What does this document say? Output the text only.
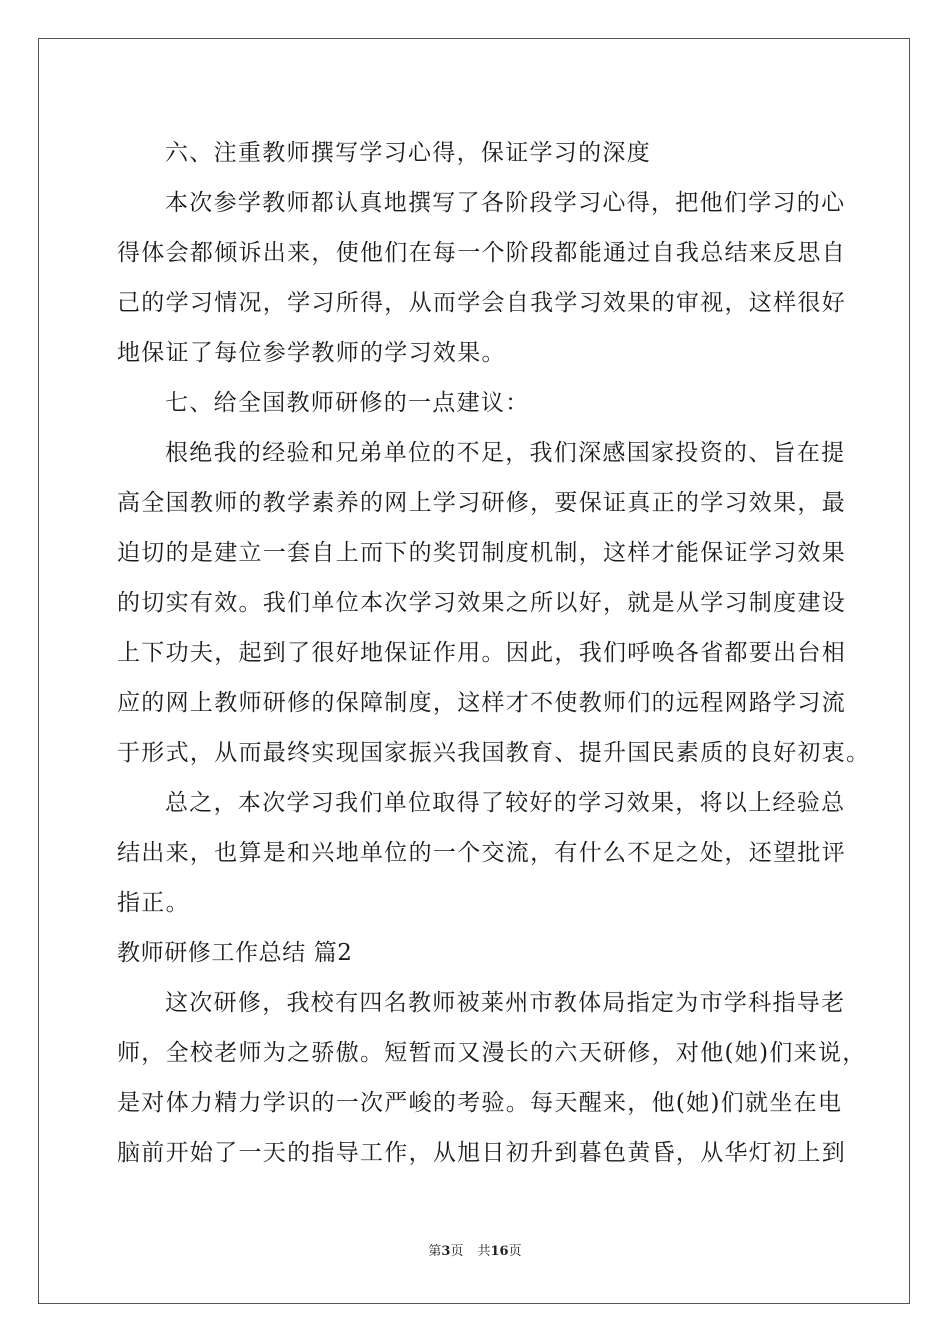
六、注重教师撰写学习心得，保证学习的深度
本次参学教师都认真地撰写了各阶段学习心得，把他们学习的心
得体会都倾诉出来，使他们在每一个阶段都能通过自我总结来反思自
己的学习情况，学习所得，从而学会自我学习效果的审视，这样很好
地保证了每位参学教师的学习效果。
七、给全国教师研修的一点建议：
根绝我的经验和兄弟单位的不足，我们深感国家投资的、旨在提
高全国教师的教学素养的网上学习研修，要保证真正的学习效果，最
迫切的是建立一套自上而下的奖罚制度机制，这样才能保证学习效果
的切实有效。我们单位本次学习效果之所以好，就是从学习制度建设
上下功夫，起到了很好地保证作用。因此，我们呼唤各省都要出台相
应的网上教师研修的保障制度，这样才不使教师们的远程网路学习流
于形式，从而最终实现国家振兴我国教育、提升国民素质的良好初衷。
总之，本次学习我们单位取得了较好的学习效果，将以上经验总
结出来，也算是和兴地单位的一个交流，有什么不足之处，还望批评
指正。
教师研修工作总结 篇2
这次研修，我校有四名教师被莱州市教体局指定为市学科指导老
师，全校老师为之骄傲。短暂而又漫长的六天研修，对他(她)们来说，
是对体力精力学识的一次严峻的考验。每天醒来，他(她)们就坐在电
脑前开始了一天的指导工作，从旭日初升到暮色黄昏，从华灯初上到
第3页 共16页
